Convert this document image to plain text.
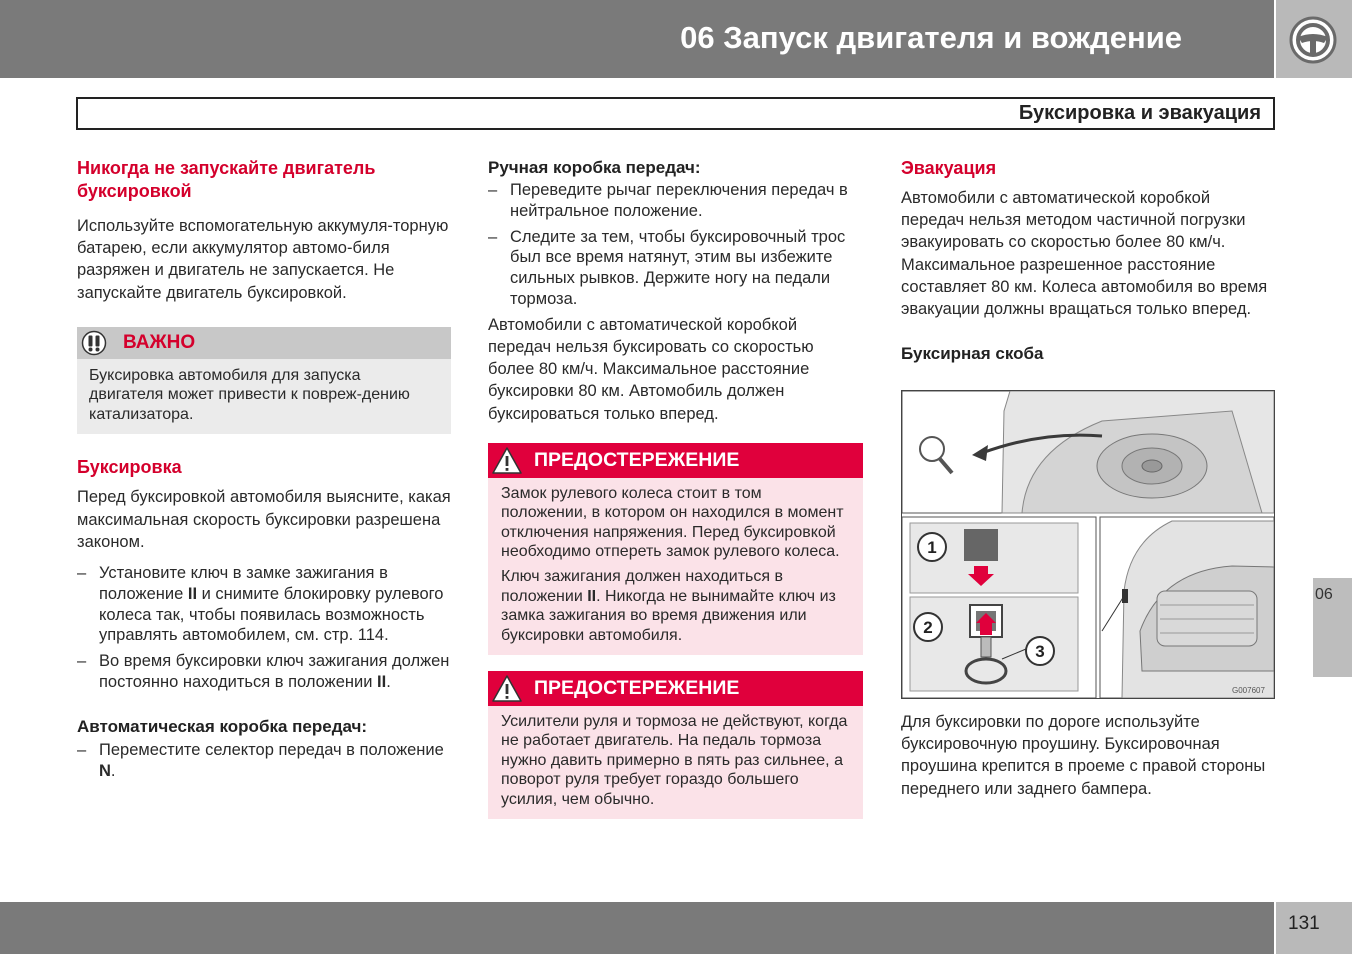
06 Запуск двигателя и вождение
Буксировка и эвакуация
Никогда не запускайте двигатель буксировкой
Используйте вспомогательную аккумуля-торную батарею, если аккумулятор автомо-биля разряжен и двигатель не запускается. Не запускайте двигатель буксировкой.
ВАЖНО
Буксировка автомобиля для запуска двигателя может привести к повреж-дению катализатора.
Буксировка
Перед буксировкой автомобиля выясните, какая максимальная скорость буксировки разрешена законом.
– Установите ключ в замке зажигания в положение II и снимите блокировку рулевого колеса так, чтобы появилась возможность управлять автомобилем, см. стр. 114.
– Во время буксировки ключ зажигания должен постоянно находиться в положении II.
Автоматическая коробка передач:
– Переместите селектор передач в положение N.
Ручная коробка передач:
– Переведите рычаг переключения передач в нейтральное положение.
– Следите за тем, чтобы буксировочный трос был все время натянут, этим вы избежите сильных рывков. Держите ногу на педали тормоза.
Автомобили с автоматической коробкой передач нельзя буксировать со скоростью более 80 км/ч. Максимальное расстояние буксировки 80 км. Автомобиль должен буксироваться только вперед.
ПРЕДОСТЕРЕЖЕНИЕ
Замок рулевого колеса стоит в том положении, в котором он находился в момент отключения напряжения. Перед буксировкой необходимо отпереть замок рулевого колеса.
Ключ зажигания должен находиться в положении II. Никогда не вынимайте ключ из замка зажигания во время движения или буксировки автомобиля.
ПРЕДОСТЕРЕЖЕНИЕ
Усилители руля и тормоза не действуют, когда не работает двигатель. На педаль тормоза нужно давить примерно в пять раз сильнее, а поворот руля требует гораздо большего усилия, чем обычно.
Эвакуация
Автомобили с автоматической коробкой передач нельзя методом частичной погрузки эвакуировать со скоростью более 80 км/ч. Максимальное разрешенное расстояние составляет 80 км. Колеса автомобиля во время эвакуации должны вращаться только вперед.
Буксирная скоба
1
2
3
G007607
Для буксировки по дороге используйте буксировочную проушину. Буксировочная проушина крепится в проеме с правой стороны переднего или заднего бампера.
06
131
